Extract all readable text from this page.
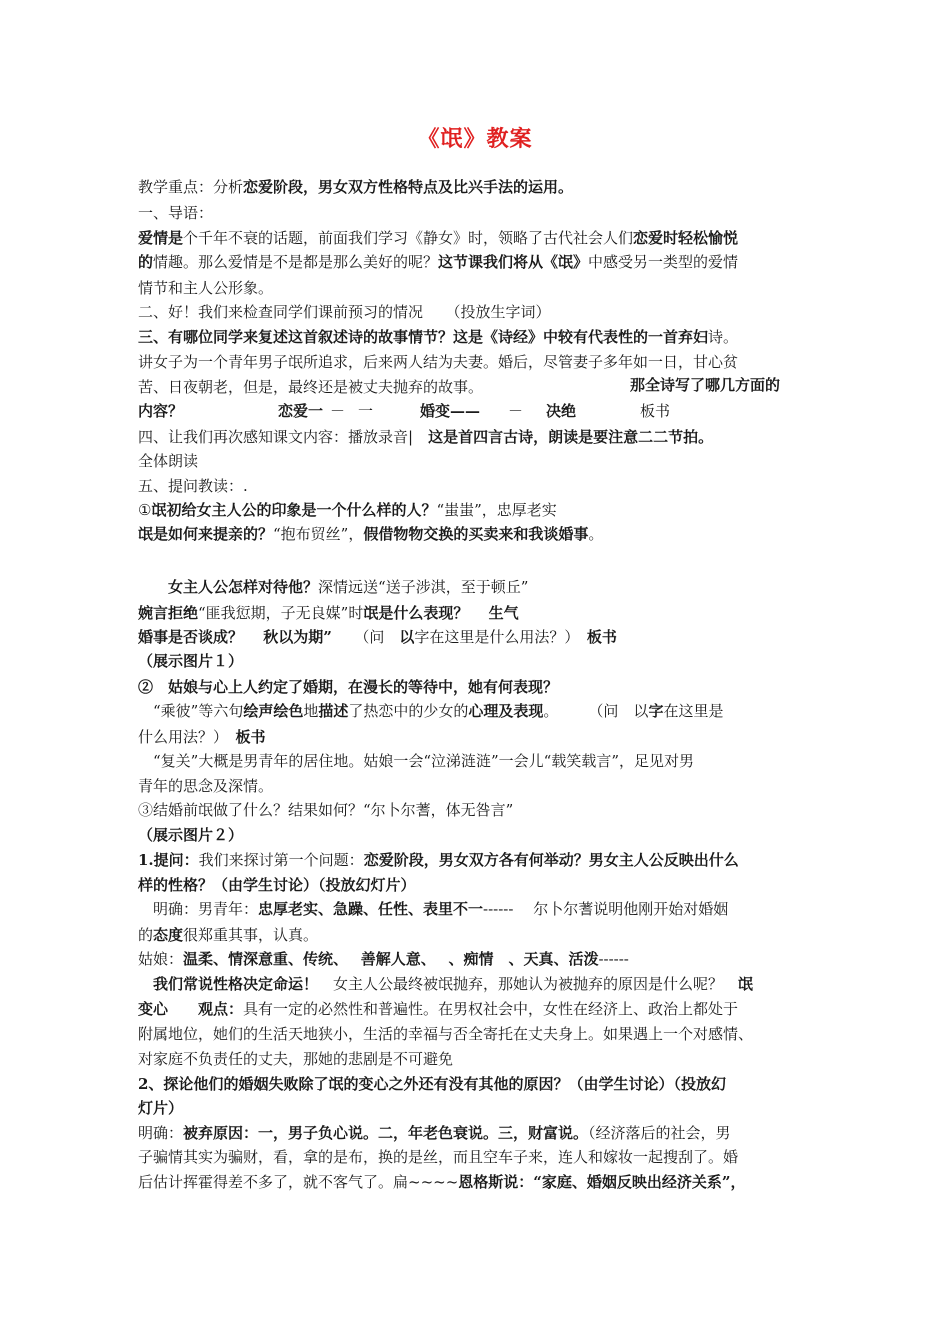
《氓》教案
教学重点：分析恋爱阶段，男女双方性格特点及比兴手法的运用。
一、导语：
爱情是个千年不衰的话题，前面我们学习《静女》时，领略了古代社会人们恋爱时轻松愉悦
的情趣。那么爱情是不是都是那么美好的呢？这节课我们将从《氓》中感受另一类型的爱情
情节和主人公形象。
二、好！我们来检查同学们课前预习的情况　　（投放生字词）
三、有哪位同学来复述这首叙述诗的故事情节？这是《诗经》中较有代表性的一首弃妇诗。
讲女子为一个青年男子氓所追求，后来两人结为夫妻。婚后，尽管妻子多年如一日，甘心贫
苦、日夜朝老，但是，最终还是被丈夫抛弃的故事。
内容？
四、让我们再次感知课文内容：播放录音|　这是首四言古诗，朗读是要注意二二节拍。
全体朗读
五、提问教读：.
①氓初给女主人公的印象是一个什么样的人？“蚩蚩”，忠厚老实
氓是如何来提亲的？“抱布贸丝”，假借物物交换的买卖来和我谈婚事。
　　女主人公怎样对待他？深情远送“送子涉淇，至于顿丘”
婉言拒绝“匪我愆期，子无良媒”时氓是什么表现？　 生气
婚事是否谈成？　 秋以为期”　　（问　以字在这里是什么用法？）　板书
（展示图片１）
②　姑娘与心上人约定了婚期，在漫长的等待中，她有何表现？
　“乘彼”等六句绘声绘色地描述了热恋中的少女的心理及表现。　　　（问　以字在这里是
什么用法？）　板书
　“复关”大概是男青年的居住地。姑娘一会“泣涕涟涟”一会儿“载笑载言”，足见对男
青年的思念及深情。
③结婚前氓做了什么？结果如何？“尔卜尔蓍，体无咎言”
（展示图片２）
1.提问：我们来探讨第一个问题：恋爱阶段，男女双方各有何举动？男女主人公反映出什么
样的性格？（由学生讨论）（投放幻灯片）
　明确：男青年：忠厚老实、急躁、任性、表里不一------　 尔卜尔蓍说明他刚开始对婚姻
的态度很郑重其事，认真。
姑娘：温柔、情深意重、传统、　 善解人意、　 、痴情　、天真、活泼------
　我们常说性格决定命运！　女主人公最终被氓抛弃，那她认为被抛弃的原因是什么呢？　氓
变心　　观点：具有一定的必然性和普遍性。在男权社会中，女性在经济上、政治上都处于
附属地位，她们的生活天地狭小，生活的幸福与否全寄托在丈夫身上。如果遇上一个对感情、
对家庭不负责任的丈夫，那她的悲剧是不可避免
2、探论他们的婚姻失败除了氓的变心之外还有没有其他的原因？（由学生讨论）（投放幻
灯片）
明确：被弃原因：一，男子负心说。二，年老色衰说。三，财富说。（经济落后的社会，男
子骗情其实为骗财，看，拿的是布，换的是丝，而且空车子来，连人和嫁妆一起搜刮了。婚
后估计挥霍得差不多了，就不客气了。扁~~~~恩格斯说：“家庭、婚姻反映出经济关系”，
那全诗写了哪几方面的
恋爱一 － 一	婚变—— － 决绝	板书
